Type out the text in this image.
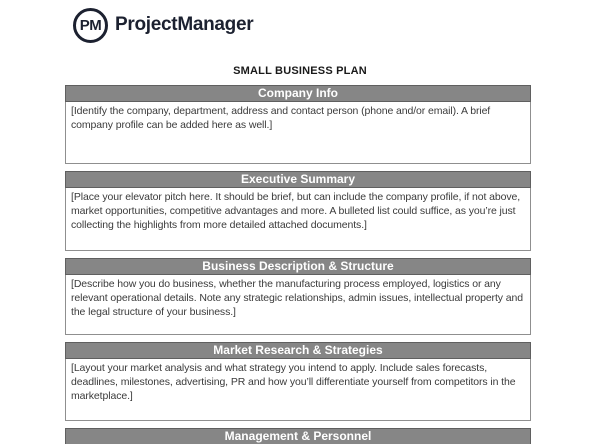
PM ProjectManager
SMALL BUSINESS PLAN
Company Info
[Identify the company, department, address and contact person (phone and/or email). A brief company profile can be added here as well.]
Executive Summary
[Place your elevator pitch here. It should be brief, but can include the company profile, if not above, market opportunities, competitive advantages and more. A bulleted list could suffice, as you’re just collecting the highlights from more detailed attached documents.]
Business Description & Structure
[Describe how you do business, whether the manufacturing process employed, logistics or any relevant operational details. Note any strategic relationships, admin issues, intellectual property and the legal structure of your business.]
Market Research & Strategies
[Layout your market analysis and what strategy you intend to apply. Include sales forecasts, deadlines, milestones, advertising, PR and how you’ll differentiate yourself from competitors in the marketplace.]
Management & Personnel
